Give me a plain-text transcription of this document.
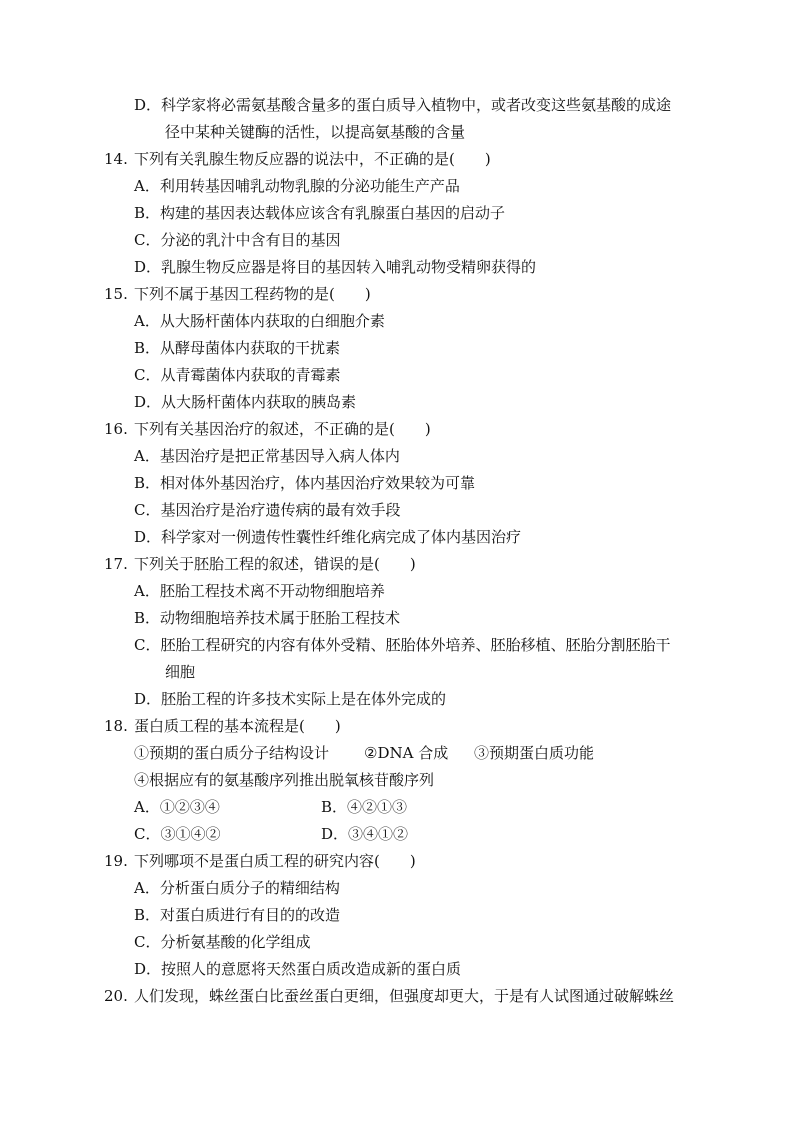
D．科学家将必需氨基酸含量多的蛋白质导入植物中，或者改变这些氨基酸的成途
径中某种关键酶的活性，以提高氨基酸的含量
14. 下列有关乳腺生物反应器的说法中，不正确的是(　　)
A．利用转基因哺乳动物乳腺的分泌功能生产产品
B．构建的基因表达载体应该含有乳腺蛋白基因的启动子
C．分泌的乳汁中含有目的基因
D．乳腺生物反应器是将目的基因转入哺乳动物受精卵获得的
15. 下列不属于基因工程药物的是(　　)
A．从大肠杆菌体内获取的白细胞介素
B．从酵母菌体内获取的干扰素
C．从青霉菌体内获取的青霉素
D．从大肠杆菌体内获取的胰岛素
16. 下列有关基因治疗的叙述，不正确的是(　　)
A．基因治疗是把正常基因导入病人体内
B．相对体外基因治疗，体内基因治疗效果较为可靠
C．基因治疗是治疗遗传病的最有效手段
D．科学家对一例遗传性囊性纤维化病完成了体内基因治疗
17. 下列关于胚胎工程的叙述，错误的是(　　)
A．胚胎工程技术离不开动物细胞培养
B．动物细胞培养技术属于胚胎工程技术
C．胚胎工程研究的内容有体外受精、胚胎体外培养、胚胎移植、胚胎分割胚胎干
细胞
D．胚胎工程的许多技术实际上是在体外完成的
18. 蛋白质工程的基本流程是(　　)
①预期的蛋白质分子结构设计 ②DNA 合成 ③预期蛋白质功能
④根据应有的氨基酸序列推出脱氧核苷酸序列
A．①②③④	B．④②①③
C．③①④②	D．③④①②
19. 下列哪项不是蛋白质工程的研究内容(　　)
A．分析蛋白质分子的精细结构
B．对蛋白质进行有目的的改造
C．分析氨基酸的化学组成
D．按照人的意愿将天然蛋白质改造成新的蛋白质
20. 人们发现，蛛丝蛋白比蚕丝蛋白更细，但强度却更大，于是有人试图通过破解蛛丝
